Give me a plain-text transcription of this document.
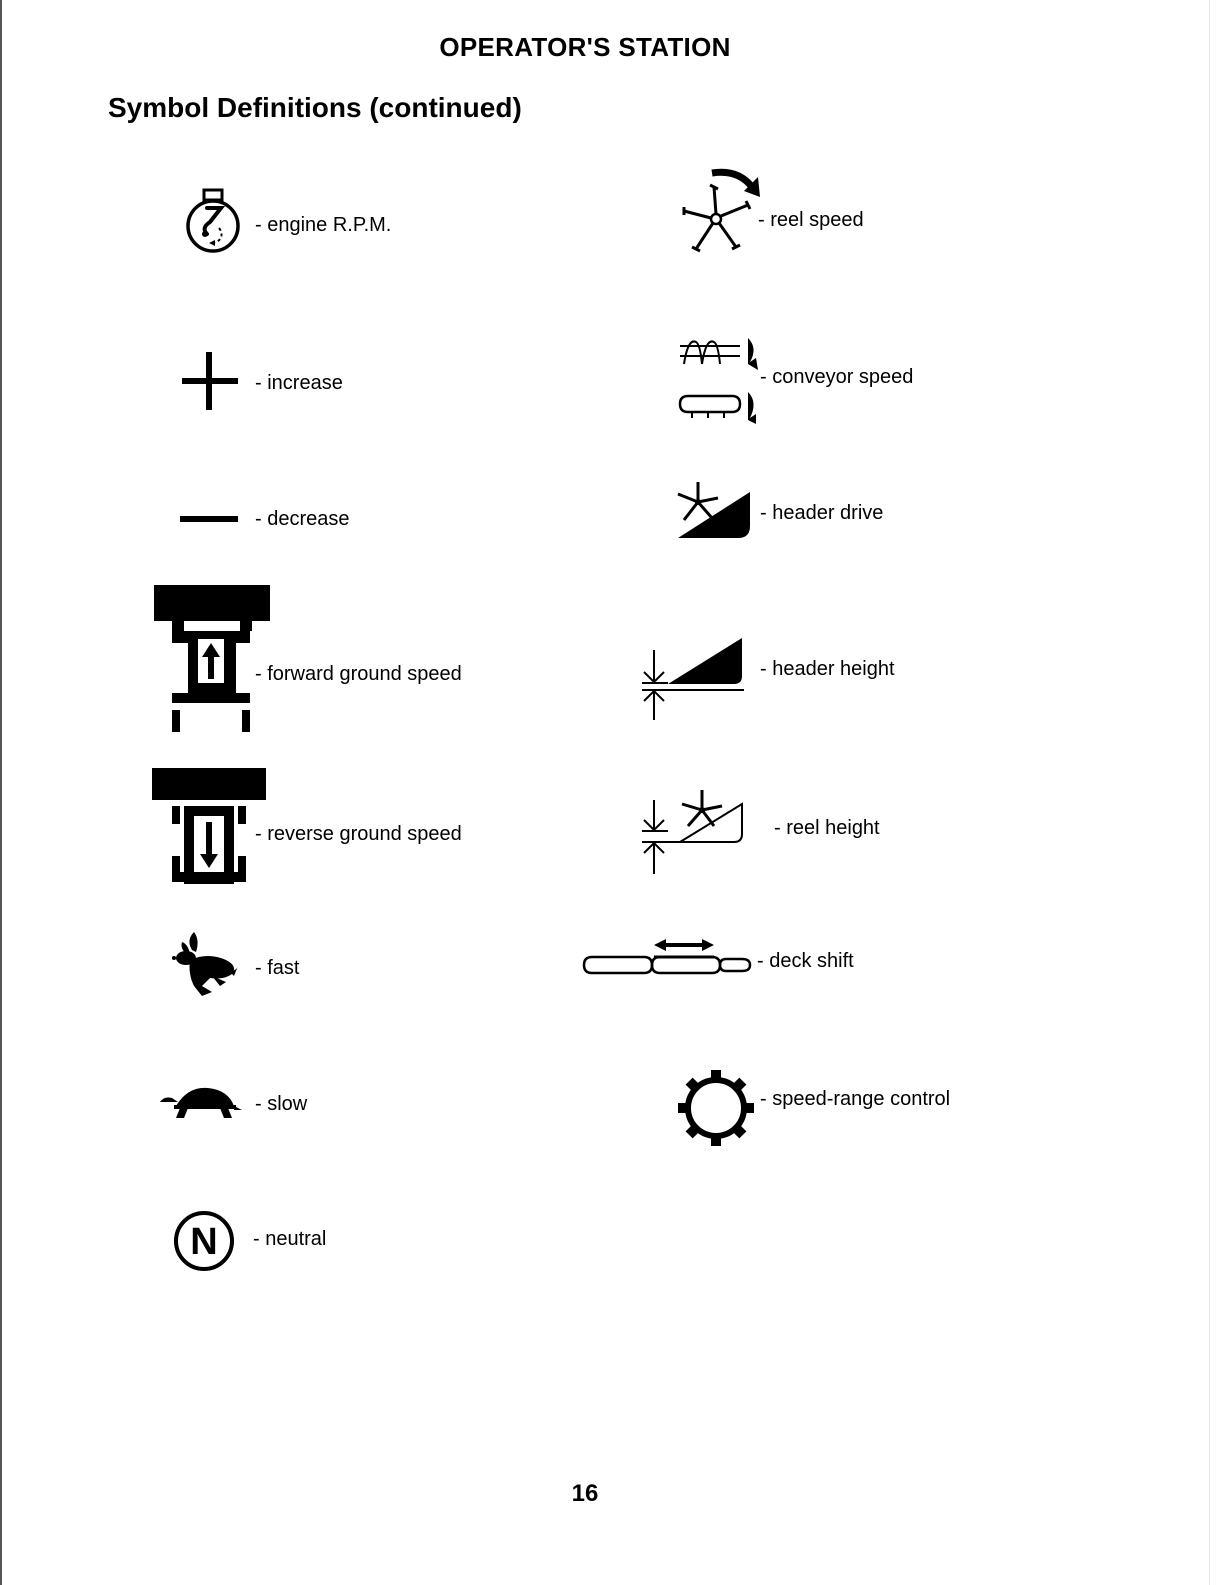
OPERATOR'S STATION
Symbol Definitions (continued)
- engine R.P.M.
- increase
- decrease
- forward ground speed
- reverse ground speed
- fast
- slow
N - neutral
- reel speed
- conveyor speed
- header drive
- header height
- reel height
- deck shift
- speed-range control
16
